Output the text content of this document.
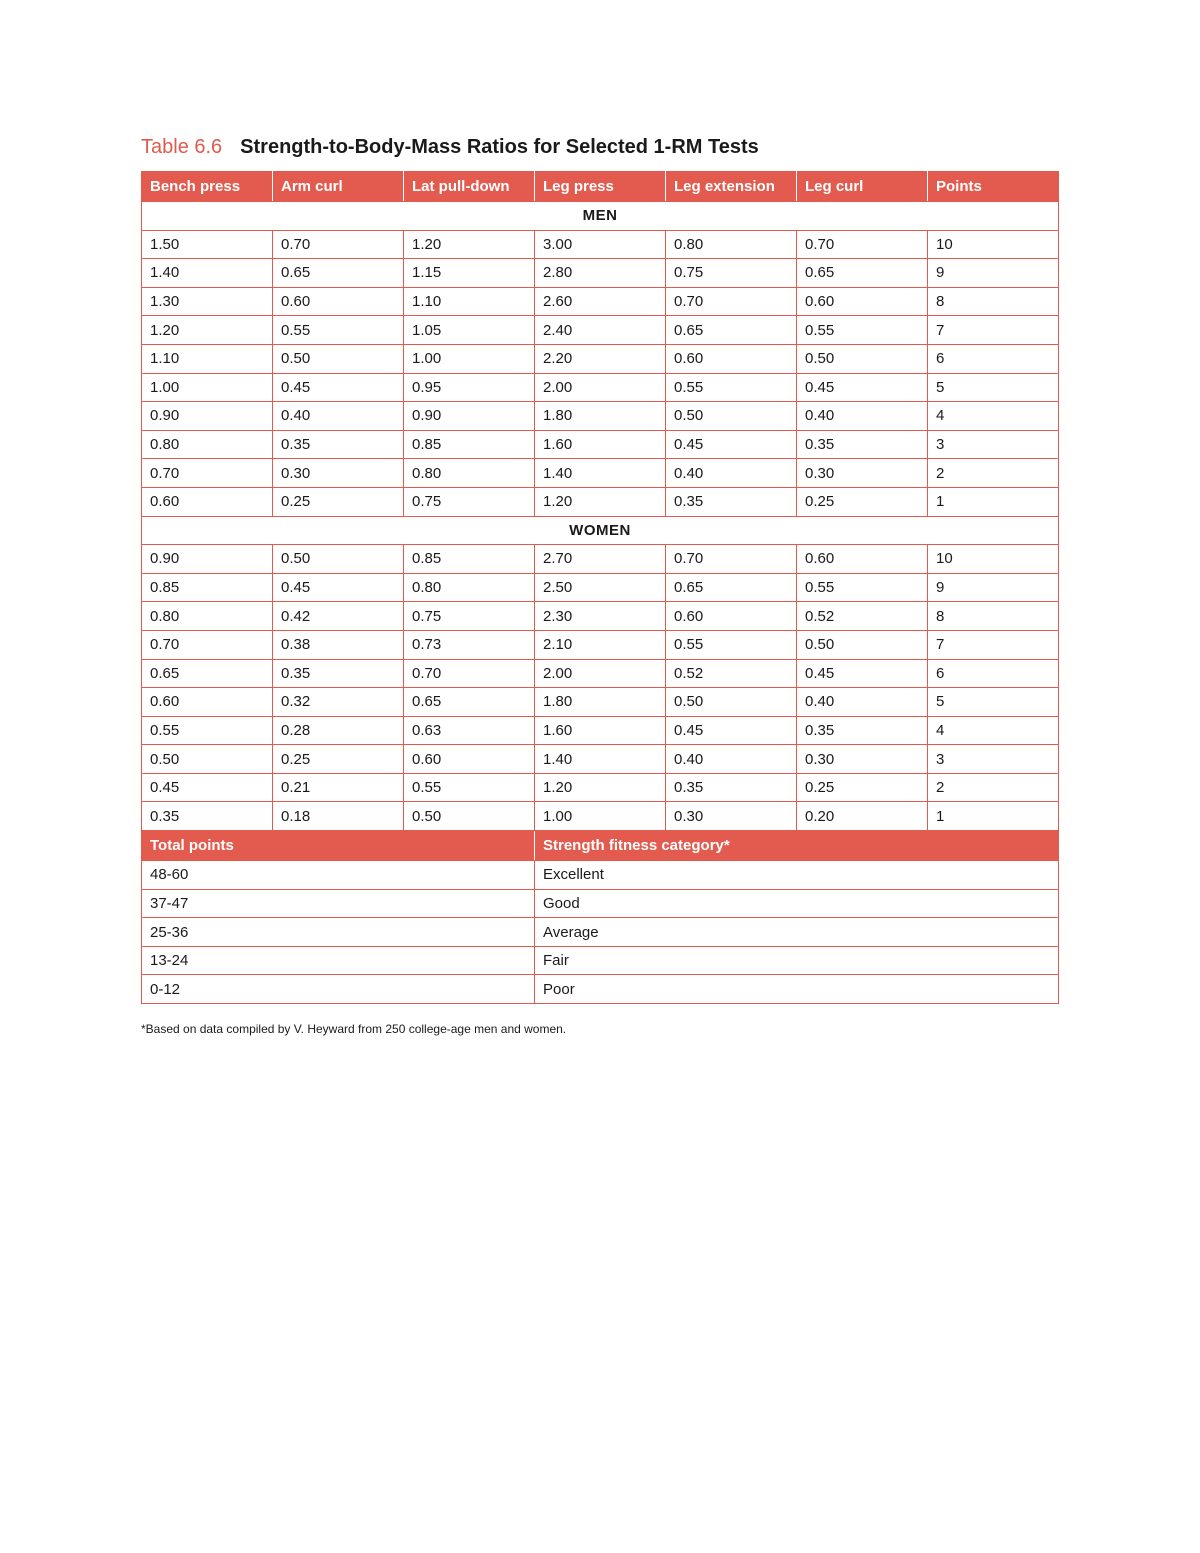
Table 6.6 Strength-to-Body-Mass Ratios for Selected 1-RM Tests
Bench press	Arm curl	Lat pull-down	Leg press	Leg extension	Leg curl	Points
MEN						
1.50	0.70	1.20	3.00	0.80	0.70	10
1.40	0.65	1.15	2.80	0.75	0.65	9
1.30	0.60	1.10	2.60	0.70	0.60	8
1.20	0.55	1.05	2.40	0.65	0.55	7
1.10	0.50	1.00	2.20	0.60	0.50	6
1.00	0.45	0.95	2.00	0.55	0.45	5
0.90	0.40	0.90	1.80	0.50	0.40	4
0.80	0.35	0.85	1.60	0.45	0.35	3
0.70	0.30	0.80	1.40	0.40	0.30	2
0.60	0.25	0.75	1.20	0.35	0.25	1
WOMEN						
0.90	0.50	0.85	2.70	0.70	0.60	10
0.85	0.45	0.80	2.50	0.65	0.55	9
0.80	0.42	0.75	2.30	0.60	0.52	8
0.70	0.38	0.73	2.10	0.55	0.50	7
0.65	0.35	0.70	2.00	0.52	0.45	6
0.60	0.32	0.65	1.80	0.50	0.40	5
0.55	0.28	0.63	1.60	0.45	0.35	4
0.50	0.25	0.60	1.40	0.40	0.30	3
0.45	0.21	0.55	1.20	0.35	0.25	2
0.35	0.18	0.50	1.00	0.30	0.20	1
Total points			Strength fitness category*			
48-60			Excellent			
37-47			Good			
25-36			Average			
13-24			Fair			
0-12			Poor			
*Based on data compiled by V. Heyward from 250 college-age men and women.
